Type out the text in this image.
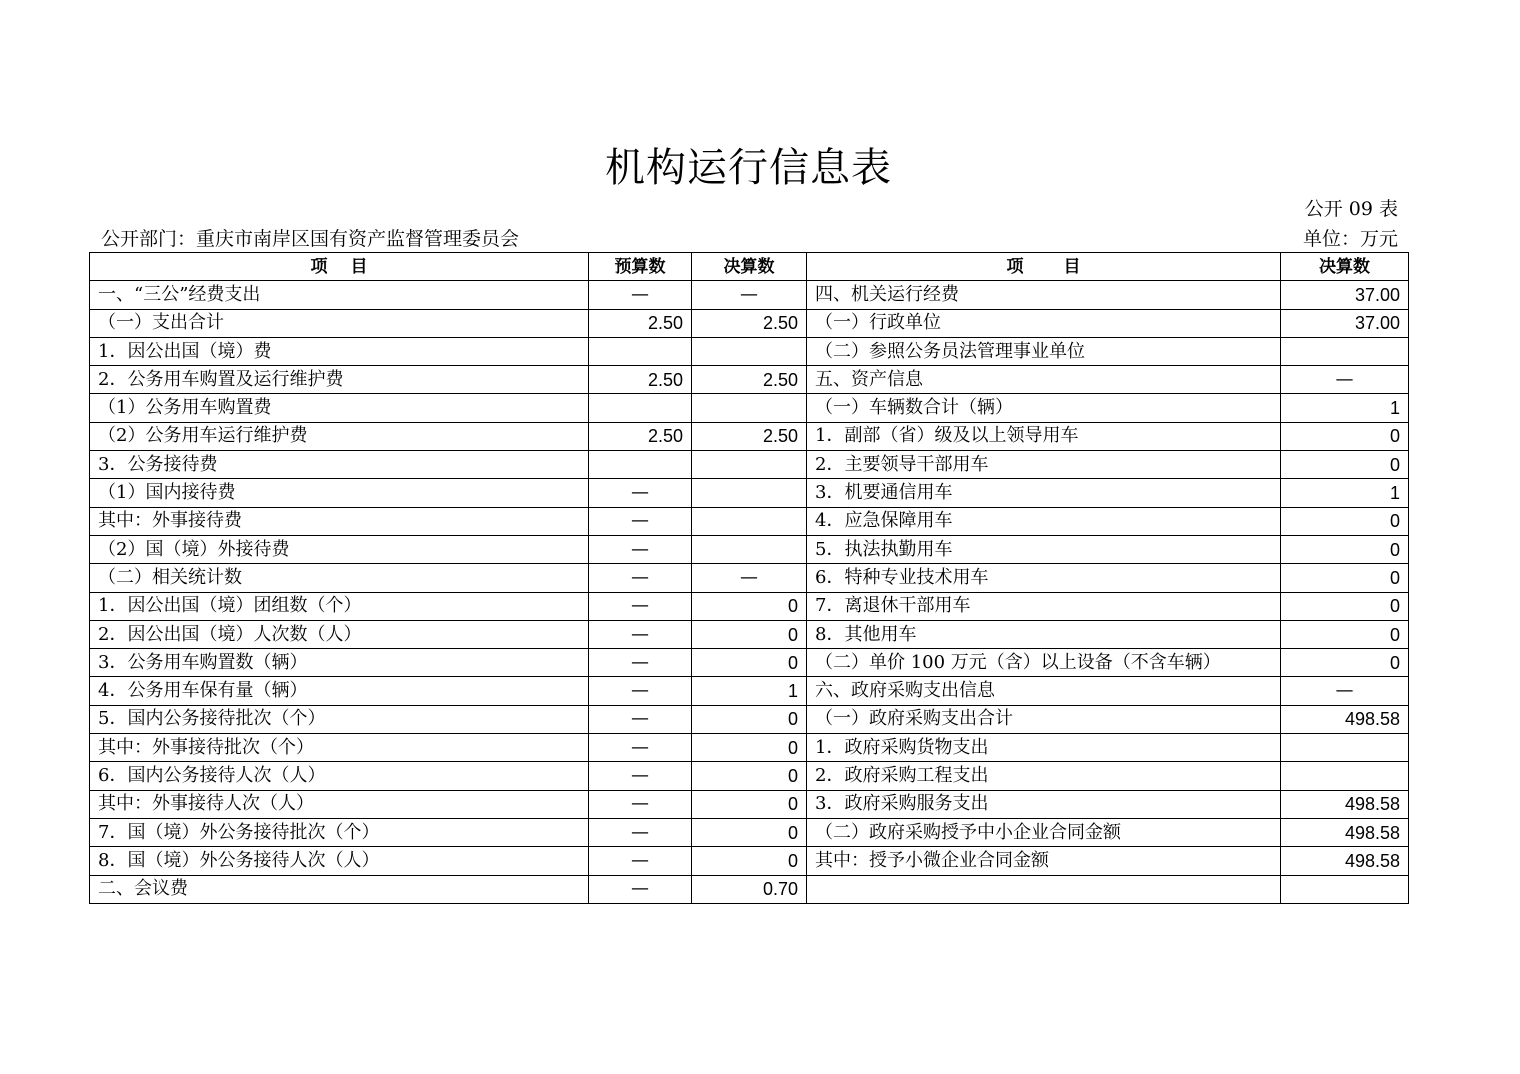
机构运行信息表
公开 09 表
公开部门：重庆市南岸区国有资产监督管理委员会	单位：万元
项　 目	预算数	决算数	项　　 目	决算数
一、“三公”经费支出	—	—	四、机关运行经费	37.00
（一）支出合计	2.50	2.50	（一）行政单位	37.00
1．因公出国（境）费			（二）参照公务员法管理事业单位	
2．公务用车购置及运行维护费	2.50	2.50	五、资产信息	—
（1）公务用车购置费			（一）车辆数合计（辆）	1
（2）公务用车运行维护费	2.50	2.50	1．副部（省）级及以上领导用车	0
3．公务接待费			2．主要领导干部用车	0
（1）国内接待费	—		3．机要通信用车	1
其中：外事接待费	—		4．应急保障用车	0
（2）国（境）外接待费	—		5．执法执勤用车	0
（二）相关统计数	—	—	6．特种专业技术用车	0
1．因公出国（境）团组数（个）	—	0	7．离退休干部用车	0
2．因公出国（境）人次数（人）	—	0	8．其他用车	0
3．公务用车购置数（辆）	—	0	（二）单价 100 万元（含）以上设备（不含车辆）	0
4．公务用车保有量（辆）	—	1	六、政府采购支出信息	—
5．国内公务接待批次（个）	—	0	（一）政府采购支出合计	498.58
其中：外事接待批次（个）	—	0	1．政府采购货物支出	
6．国内公务接待人次（人）	—	0	2．政府采购工程支出	
其中：外事接待人次（人）	—	0	3．政府采购服务支出	498.58
7．国（境）外公务接待批次（个）	—	0	（二）政府采购授予中小企业合同金额	498.58
8．国（境）外公务接待人次（人）	—	0	其中：授予小微企业合同金额	498.58
二、会议费	—	0.70		
